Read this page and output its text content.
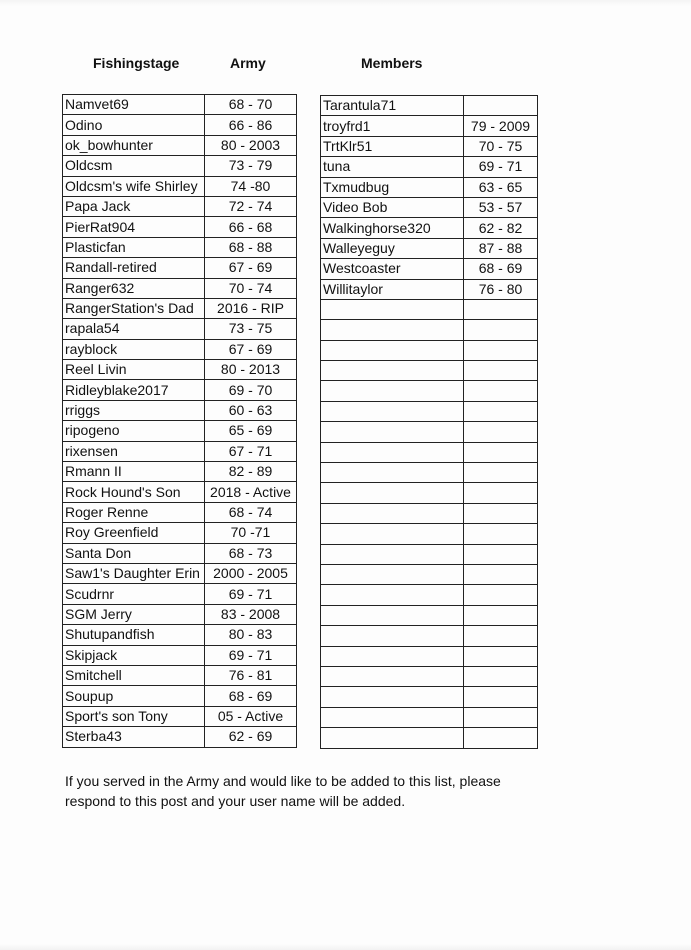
Fishingstage	Army	Members
Namvet69	68 - 70
Odino	66 - 86
ok_bowhunter	80 - 2003
Oldcsm	73 - 79
Oldcsm's wife Shirley	74 -80
Papa Jack	72 - 74
PierRat904	66 - 68
Plasticfan	68 - 88
Randall-retired	67 - 69
Ranger632	70 - 74
RangerStation's Dad	2016 - RIP
rapala54	73 - 75
rayblock	67 - 69
Reel Livin	80 - 2013
Ridleyblake2017	69 - 70
rriggs	60 - 63
ripogeno	65 - 69
rixensen	67 - 71
Rmann II	82 - 89
Rock Hound's Son	2018 - Active
Roger Renne	68 - 74
Roy Greenfield	70 -71
Santa Don	68 - 73
Saw1's Daughter Erin	2000 - 2005
Scudrnr	69 - 71
SGM Jerry	83 - 2008
Shutupandfish	80 - 83
Skipjack	69 - 71
Smitchell	76 - 81
Soupup	68 - 69
Sport's son Tony	05 - Active
Sterba43	62 - 69
Tarantula71	
troyfrd1	79 - 2009
TrtKlr51	70 - 75
tuna	69 - 71
Txmudbug	63 - 65
Video Bob	53 - 57
Walkinghorse320	62 - 82
Walleyeguy	87 - 88
Westcoaster	68 - 69
Willitaylor	76 - 80

If you served in the Army and would like to be added to this list, please

respond to this post and your user name will be added.
